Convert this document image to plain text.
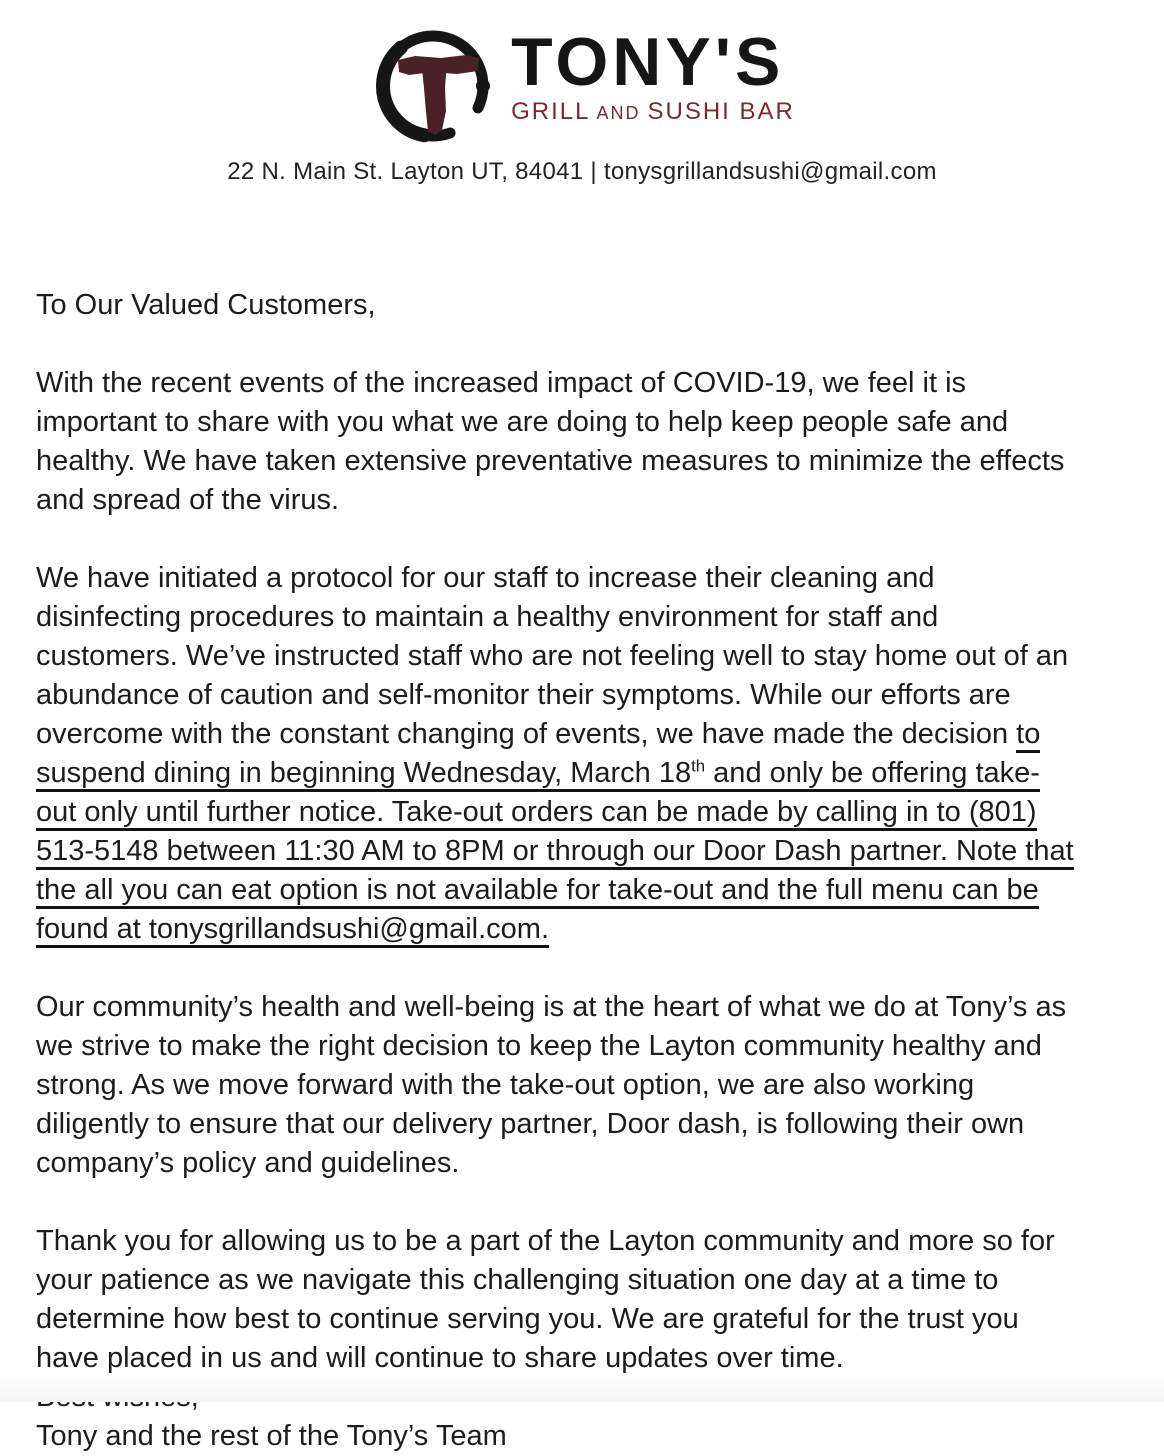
TONY'S
GRILL AND SUSHI BAR
22 N. Main St. Layton UT, 84041 | tonysgrillandsushi@gmail.com
To Our Valued Customers,
With the recent events of the increased impact of COVID-19, we feel it is
important to share with you what we are doing to help keep people safe and
healthy. We have taken extensive preventative measures to minimize the effects
and spread of the virus.
We have initiated a protocol for our staff to increase their cleaning and
disinfecting procedures to maintain a healthy environment for staff and
customers. We’ve instructed staff who are not feeling well to stay home out of an
abundance of caution and self-monitor their symptoms. While our efforts are
overcome with the constant changing of events, we have made the decision to
suspend dining in beginning Wednesday, March 18th and only be offering take-
out only until further notice. Take-out orders can be made by calling in to (801)
513-5148 between 11:30 AM to 8PM or through our Door Dash partner. Note that
the all you can eat option is not available for take-out and the full menu can be
found at tonysgrillandsushi@gmail.com.
Our community’s health and well-being is at the heart of what we do at Tony’s as
we strive to make the right decision to keep the Layton community healthy and
strong. As we move forward with the take-out option, we are also working
diligently to ensure that our delivery partner, Door dash, is following their own
company’s policy and guidelines.
Thank you for allowing us to be a part of the Layton community and more so for
your patience as we navigate this challenging situation one day at a time to
determine how best to continue serving you. We are grateful for the trust you
have placed in us and will continue to share updates over time.
Tony and the rest of the Tony’s Team
